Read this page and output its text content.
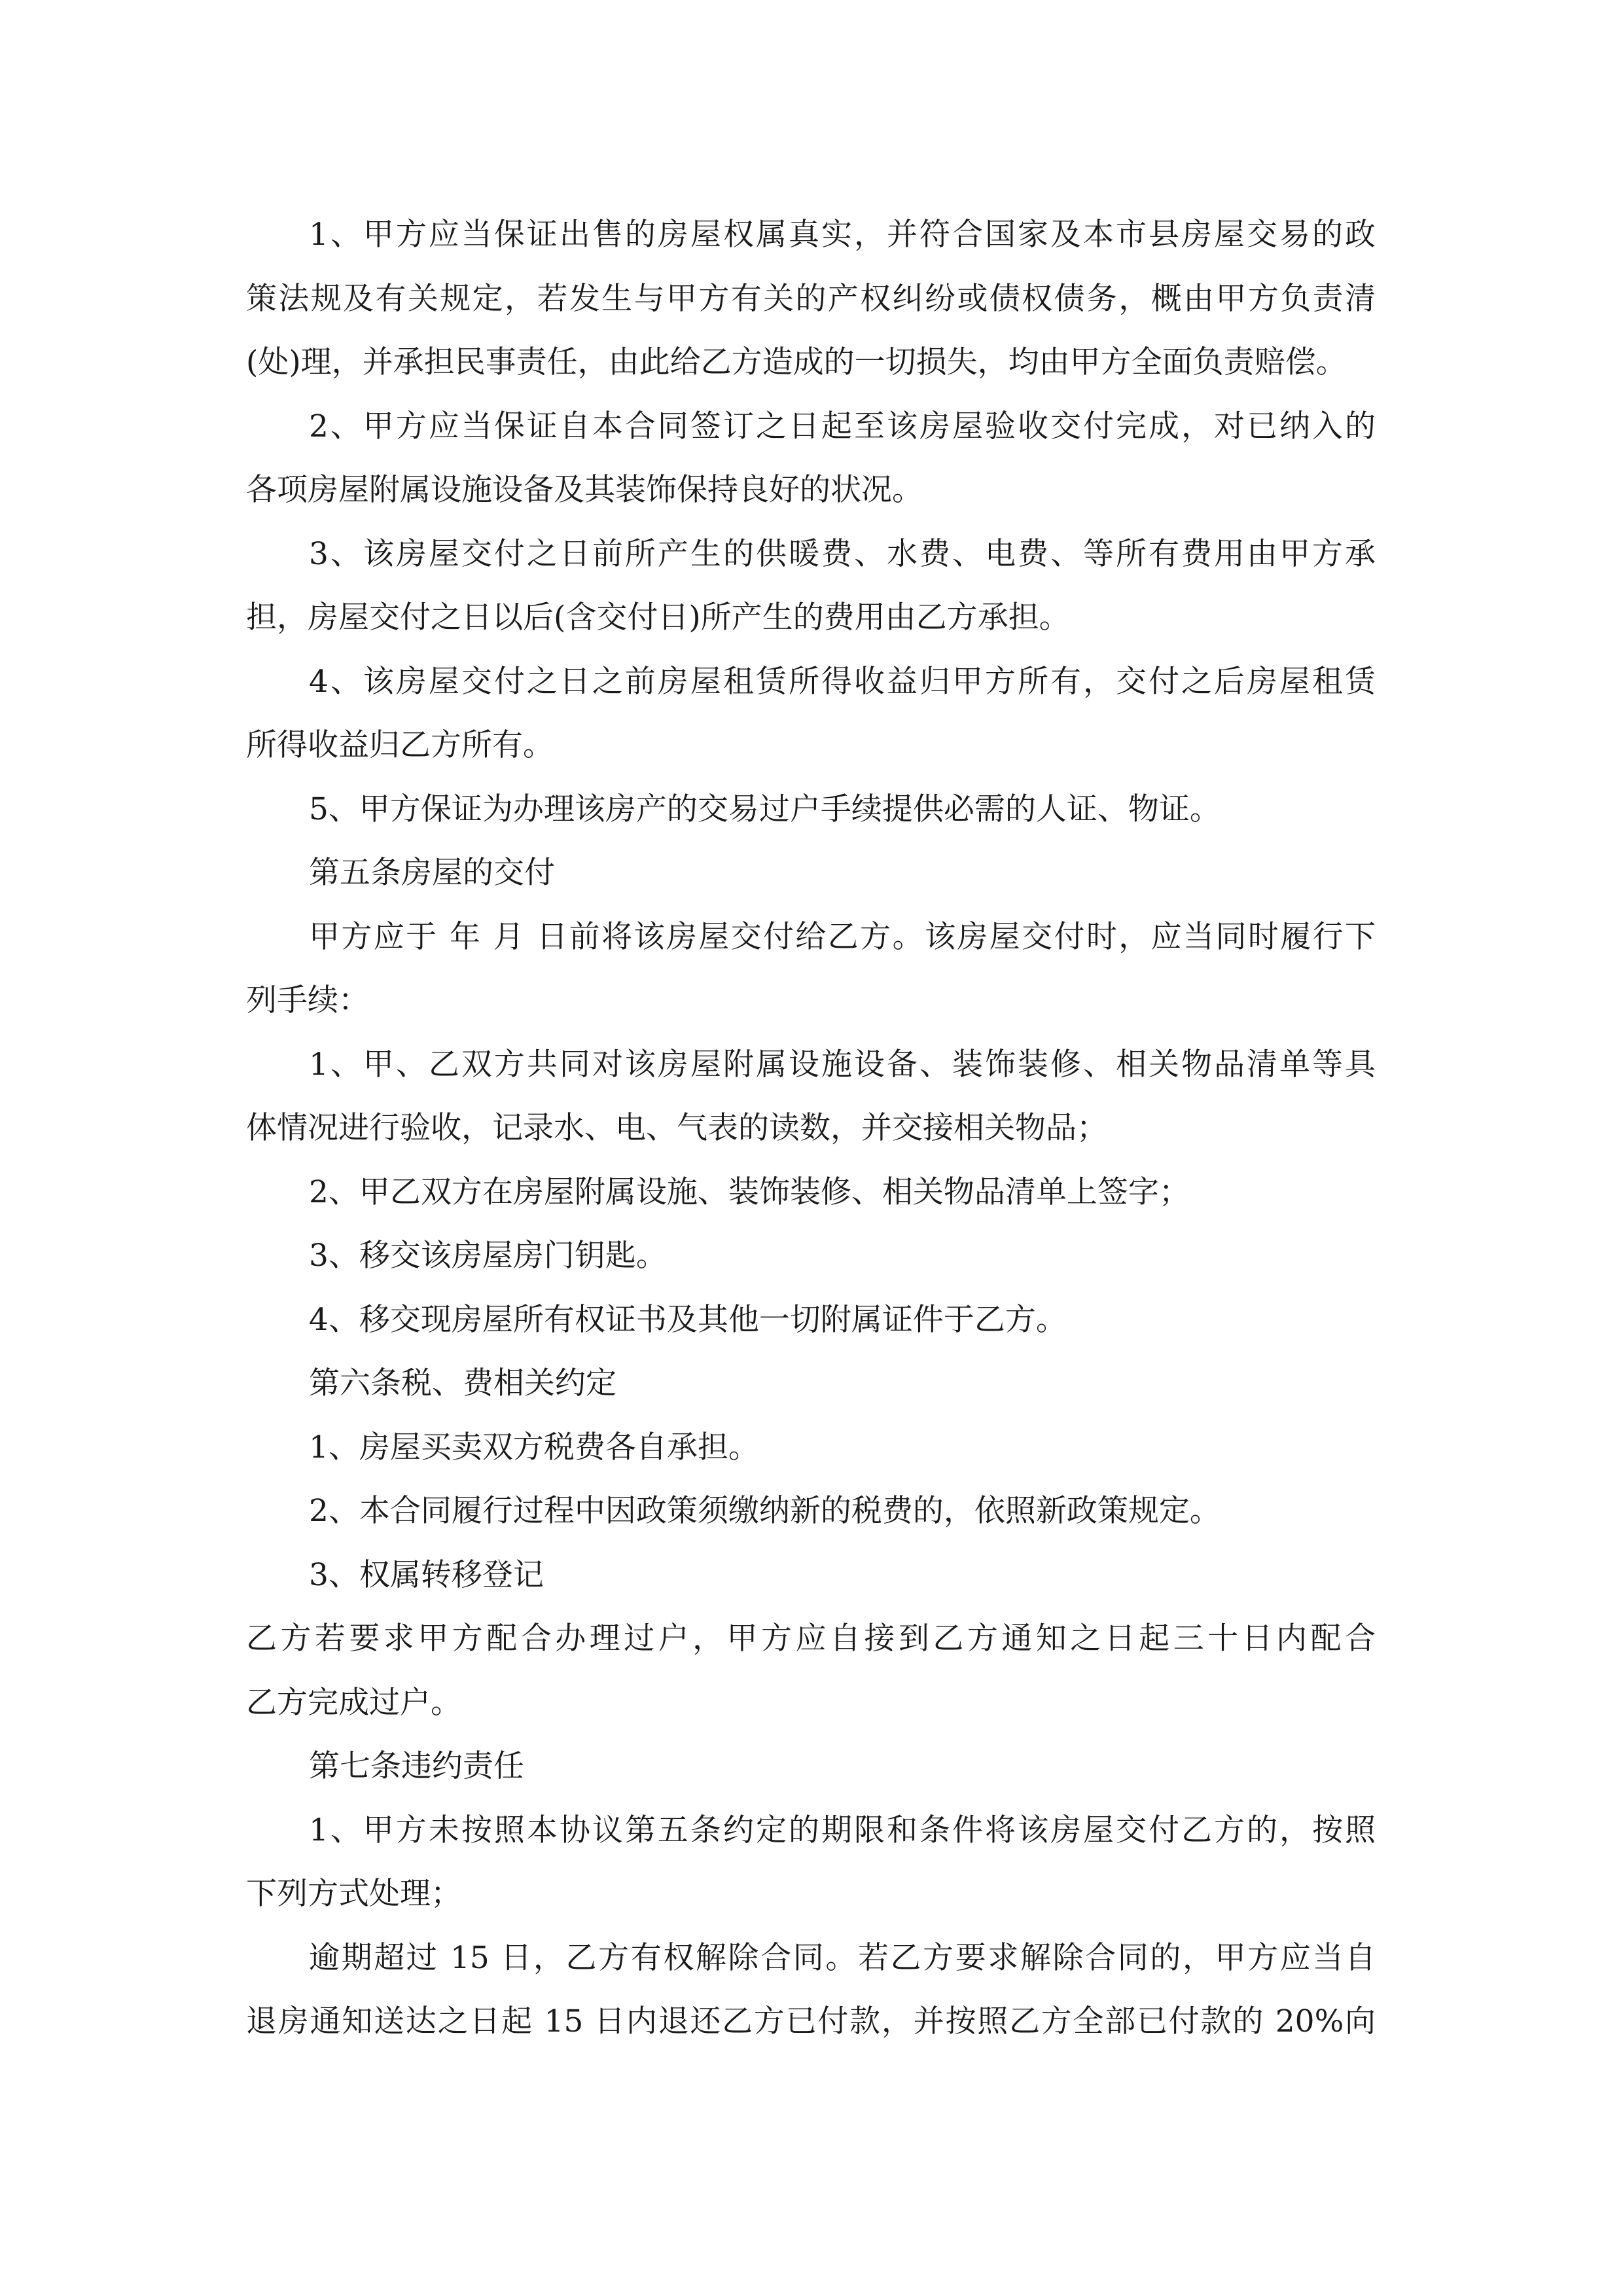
1、甲方应当保证出售的房屋权属真实，并符合国家及本市县房屋交易的政
策法规及有关规定，若发生与甲方有关的产权纠纷或债权债务，概由甲方负责清
(处)理，并承担民事责任，由此给乙方造成的一切损失，均由甲方全面负责赔偿。
2、甲方应当保证自本合同签订之日起至该房屋验收交付完成，对已纳入的
各项房屋附属设施设备及其装饰保持良好的状况。
3、该房屋交付之日前所产生的供暖费、水费、电费、等所有费用由甲方承
担，房屋交付之日以后(含交付日)所产生的费用由乙方承担。
4、该房屋交付之日之前房屋租赁所得收益归甲方所有，交付之后房屋租赁
所得收益归乙方所有。
5、甲方保证为办理该房产的交易过户手续提供必需的人证、物证。
第五条房屋的交付
甲方应于 年 月 日前将该房屋交付给乙方。该房屋交付时，应当同时履行下
列手续：
1、甲、乙双方共同对该房屋附属设施设备、装饰装修、相关物品清单等具
体情况进行验收，记录水、电、气表的读数，并交接相关物品；
2、甲乙双方在房屋附属设施、装饰装修、相关物品清单上签字；
3、移交该房屋房门钥匙。
4、移交现房屋所有权证书及其他一切附属证件于乙方。
第六条税、费相关约定
1、房屋买卖双方税费各自承担。
2、本合同履行过程中因政策须缴纳新的税费的，依照新政策规定。
3、权属转移登记
乙方若要求甲方配合办理过户，甲方应自接到乙方通知之日起三十日内配合
乙方完成过户。
第七条违约责任
1、甲方未按照本协议第五条约定的期限和条件将该房屋交付乙方的，按照
下列方式处理；
逾期超过 15 日，乙方有权解除合同。若乙方要求解除合同的，甲方应当自
退房通知送达之日起 15 日内退还乙方已付款，并按照乙方全部已付款的 20%向
